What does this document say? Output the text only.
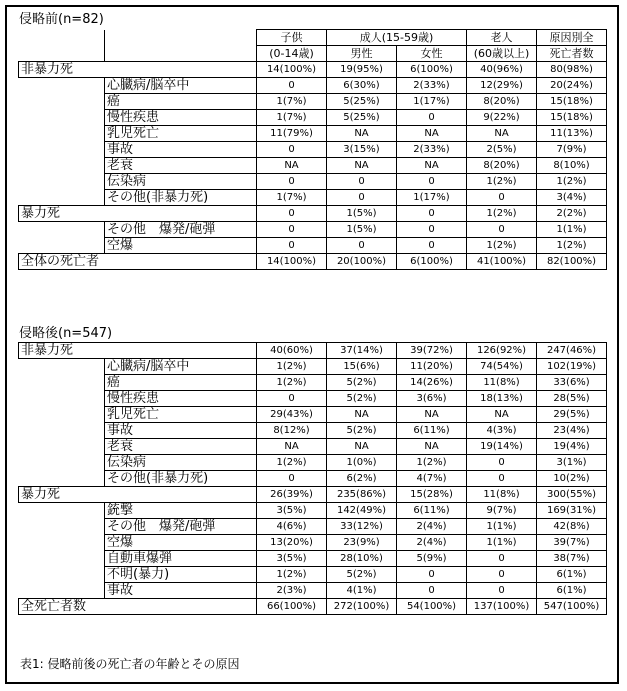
侵略前(n=82)
		子供	成人(15-59歳)		老人	原因別全
		(0-14歳)	男性	女性	(60歳以上)	死亡者数
非暴力死		14(100%)	19(95%)	6(100%)	40(96%)	80(98%)
	心臓病/脳卒中	0	6(30%)	2(33%)	12(29%)	20(24%)
	癌	1(7%)	5(25%)	1(17%)	8(20%)	15(18%)
	慢性疾患	1(7%)	5(25%)	0	9(22%)	15(18%)
	乳児死亡	11(79%)	NA	NA	NA	11(13%)
	事故	0	3(15%)	2(33%)	2(5%)	7(9%)
	老衰	NA	NA	NA	8(20%)	8(10%)
	伝染病	0	0	0	1(2%)	1(2%)
	その他(非暴力死)	1(7%)	0	1(17%)	0	3(4%)
暴力死		0	1(5%)	0	1(2%)	2(2%)
	その他　爆発/砲弾	0	1(5%)	0	0	1(1%)
	空爆	0	0	0	1(2%)	1(2%)
全体の死亡者		14(100%)	20(100%)	6(100%)	41(100%)	82(100%)
侵略後(n=547)
非暴力死		40(60%)	37(14%)	39(72%)	126(92%)	247(46%)
	心臓病/脳卒中	1(2%)	15(6%)	11(20%)	74(54%)	102(19%)
	癌	1(2%)	5(2%)	14(26%)	11(8%)	33(6%)
	慢性疾患	0	5(2%)	3(6%)	18(13%)	28(5%)
	乳児死亡	29(43%)	NA	NA	NA	29(5%)
	事故	8(12%)	5(2%)	6(11%)	4(3%)	23(4%)
	老衰	NA	NA	NA	19(14%)	19(4%)
	伝染病	1(2%)	1(0%)	1(2%)	0	3(1%)
	その他(非暴力死)	0	6(2%)	4(7%)	0	10(2%)
暴力死		26(39%)	235(86%)	15(28%)	11(8%)	300(55%)
	銃撃	3(5%)	142(49%)	6(11%)	9(7%)	169(31%)
	その他　爆発/砲弾	4(6%)	33(12%)	2(4%)	1(1%)	42(8%)
	空爆	13(20%)	23(9%)	2(4%)	1(1%)	39(7%)
	自動車爆弾	3(5%)	28(10%)	5(9%)	0	38(7%)
	不明(暴力)	1(2%)	5(2%)	0	0	6(1%)
	事故	2(3%)	4(1%)	0	0	6(1%)
全死亡者数		66(100%)	272(100%)	54(100%)	137(100%)	547(100%)
表1: 侵略前後の死亡者の年齢とその原因
